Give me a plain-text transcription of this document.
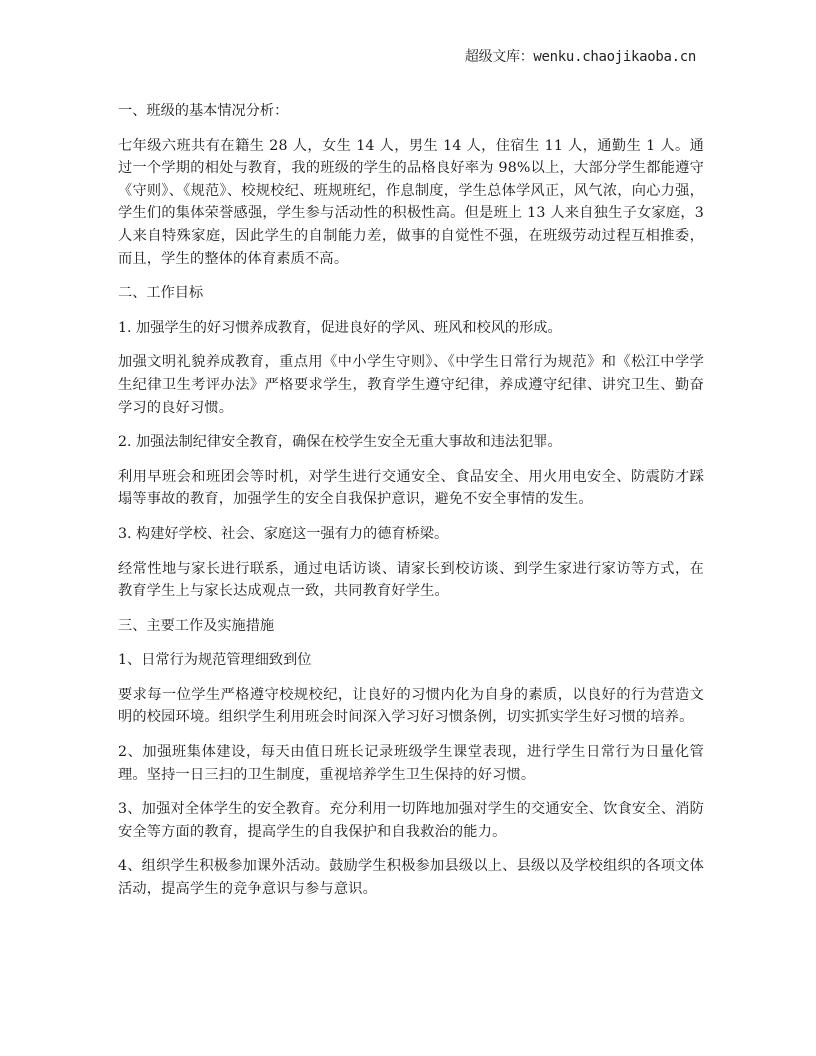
超级文库：wenku.chaojikaoba.cn
一、班级的基本情况分析：

七年级六班共有在籍生 28 人，女生 14 人，男生 14 人，住宿生 11 人，通勤生 1 人。通过一个学期的相处与教育，我的班级的学生的品格良好率为 98%以上，大部分学生都能遵守《守则》、《规范》、校规校纪、班规班纪，作息制度，学生总体学风正，风气浓，向心力强，学生们的集体荣誉感强，学生参与活动性的积极性高。但是班上 13 人来自独生子女家庭，3 人来自特殊家庭，因此学生的自制能力差，做事的自觉性不强，在班级劳动过程互相推委，而且，学生的整体的体育素质不高。

二、工作目标
1. 加强学生的好习惯养成教育，促进良好的学风、班风和校风的形成。

加强文明礼貌养成教育，重点用《中小学生守则》、《中学生日常行为规范》和《松江中学学生纪律卫生考评办法》严格要求学生，教育学生遵守纪律，养成遵守纪律、讲究卫生、勤奋学习的良好习惯。

2. 加强法制纪律安全教育，确保在校学生安全无重大事故和违法犯罪。

利用早班会和班团会等时机，对学生进行交通安全、食品安全、用火用电安全、防震防才踩塌等事故的教育，加强学生的安全自我保护意识，避免不安全事情的发生。

3. 构建好学校、社会、家庭这一强有力的德育桥梁。

经常性地与家长进行联系，通过电话访谈、请家长到校访谈、到学生家进行家访等方式，在教育学生上与家长达成观点一致，共同教育好学生。

三、主要工作及实施措施
1、日常行为规范管理细致到位

要求每一位学生严格遵守校规校纪，让良好的习惯内化为自身的素质，以良好的行为营造文明的校园环境。组织学生利用班会时间深入学习好习惯条例，切实抓实学生好习惯的培养。

2、加强班集体建设，每天由值日班长记录班级学生课堂表现，进行学生日常行为日量化管理。坚持一日三扫的卫生制度，重视培养学生卫生保持的好习惯。

3、加强对全体学生的安全教育。充分利用一切阵地加强对学生的交通安全、饮食安全、消防安全等方面的教育，提高学生的自我保护和自我救治的能力。

4、组织学生积极参加课外活动。鼓励学生积极参加县级以上、县级以及学校组织的各项文体活动，提高学生的竞争意识与参与意识。
